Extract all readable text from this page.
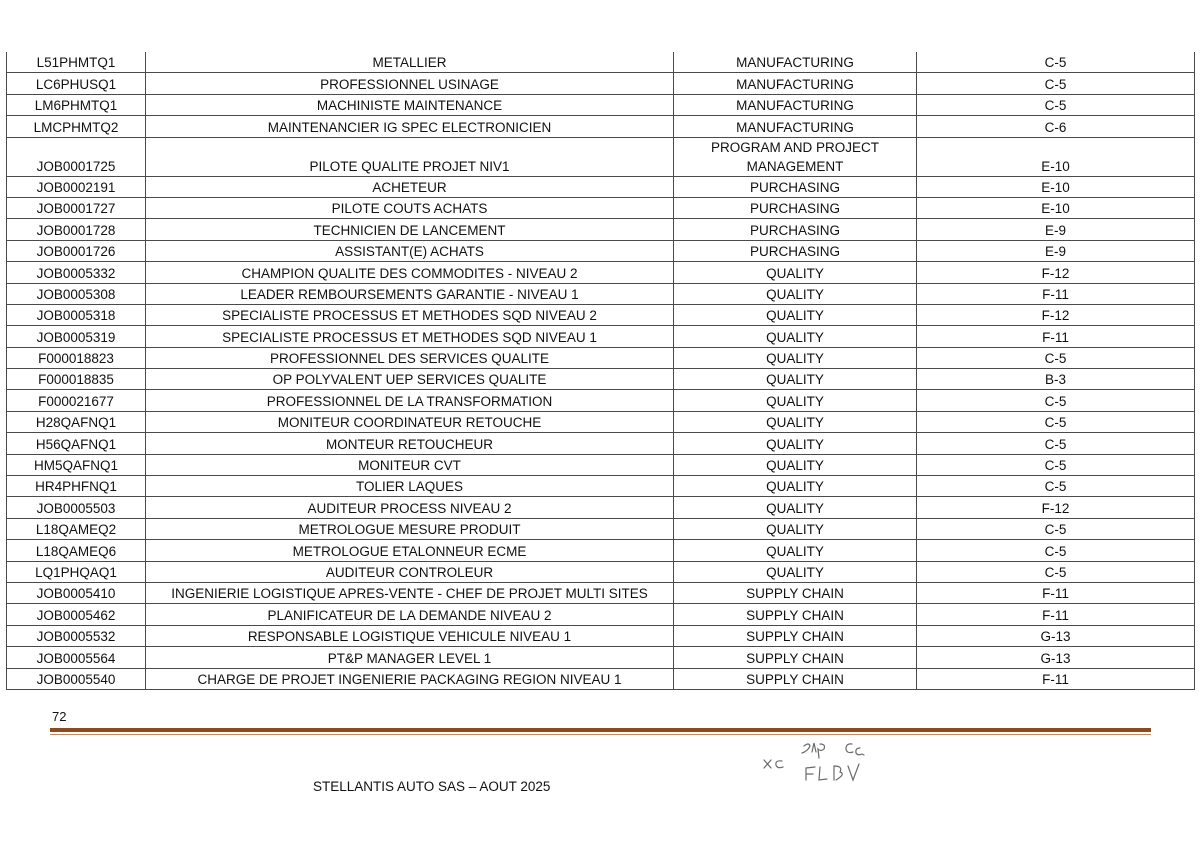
L51PHMTQ1	METALLIER	MANUFACTURING	C-5
LC6PHUSQ1	PROFESSIONNEL USINAGE	MANUFACTURING	C-5
LM6PHMTQ1	MACHINISTE MAINTENANCE	MANUFACTURING	C-5
LMCPHMTQ2	MAINTENANCIER IG SPEC ELECTRONICIEN	MANUFACTURING	C-6
JOB0001725	PILOTE QUALITE PROJET NIV1	PROGRAM AND PROJECT MANAGEMENT	E-10
JOB0002191	ACHETEUR	PURCHASING	E-10
JOB0001727	PILOTE COUTS ACHATS	PURCHASING	E-10
JOB0001728	TECHNICIEN DE LANCEMENT	PURCHASING	E-9
JOB0001726	ASSISTANT(E) ACHATS	PURCHASING	E-9
JOB0005332	CHAMPION QUALITE DES COMMODITES - NIVEAU 2	QUALITY	F-12
JOB0005308	LEADER REMBOURSEMENTS GARANTIE - NIVEAU 1	QUALITY	F-11
JOB0005318	SPECIALISTE PROCESSUS ET METHODES SQD NIVEAU 2	QUALITY	F-12
JOB0005319	SPECIALISTE PROCESSUS ET METHODES SQD NIVEAU 1	QUALITY	F-11
F000018823	PROFESSIONNEL DES SERVICES QUALITE	QUALITY	C-5
F000018835	OP POLYVALENT UEP SERVICES QUALITE	QUALITY	B-3
F000021677	PROFESSIONNEL DE LA TRANSFORMATION	QUALITY	C-5
H28QAFNQ1	MONITEUR COORDINATEUR RETOUCHE	QUALITY	C-5
H56QAFNQ1	MONTEUR RETOUCHEUR	QUALITY	C-5
HM5QAFNQ1	MONITEUR CVT	QUALITY	C-5
HR4PHFNQ1	TOLIER LAQUES	QUALITY	C-5
JOB0005503	AUDITEUR PROCESS NIVEAU 2	QUALITY	F-12
L18QAMEQ2	METROLOGUE MESURE PRODUIT	QUALITY	C-5
L18QAMEQ6	METROLOGUE ETALONNEUR ECME	QUALITY	C-5
LQ1PHQAQ1	AUDITEUR CONTROLEUR	QUALITY	C-5
JOB0005410	INGENIERIE LOGISTIQUE APRES-VENTE - CHEF DE PROJET MULTI SITES	SUPPLY CHAIN	F-11
JOB0005462	PLANIFICATEUR DE LA DEMANDE NIVEAU 2	SUPPLY CHAIN	F-11
JOB0005532	RESPONSABLE LOGISTIQUE VEHICULE NIVEAU 1	SUPPLY CHAIN	G-13
JOB0005564	PT&P MANAGER LEVEL 1	SUPPLY CHAIN	G-13
JOB0005540	CHARGE DE PROJET INGENIERIE PACKAGING REGION NIVEAU 1	SUPPLY CHAIN	F-11
72
STELLANTIS AUTO SAS – AOUT 2025
